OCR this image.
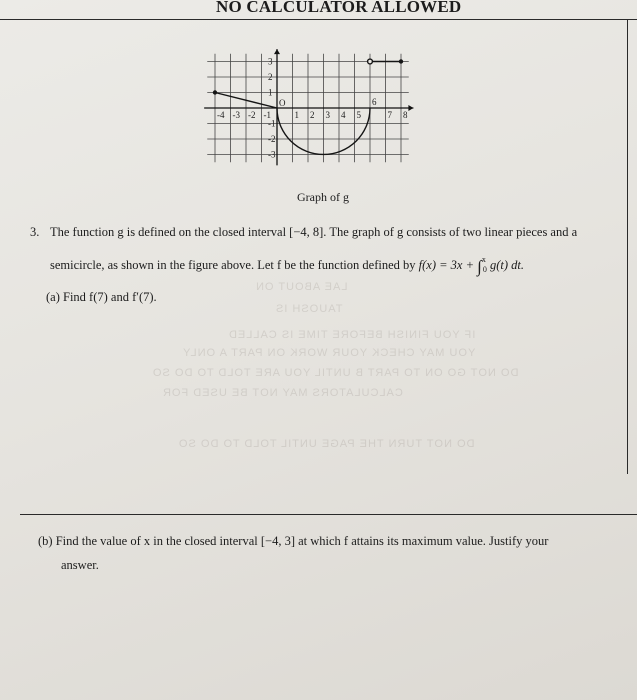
NO CALCULATOR ALLOWED
LAE ABOUT ON
TAUOSH IS
IF YOU FINISH BEFORE TIME IS CALLED
YOU MAY CHECK YOUR WORK ON PART A ONLY
DO NOT GO ON TO PART B UNTIL YOU ARE TOLD TO DO SO
CALCULATORS MAY NOT BE USED FOR
DO NOT TURN THE PAGE UNTIL TOLD TO DO SO
-4 -3 -2 -1
O
1 2 3 4 5
6
7 8
3
2
1
-1
-2
-3
Graph of g
3. The function g is defined on the closed interval [−4, 8]. The graph of g consists of two linear pieces and a
semicircle, as shown in the figure above. Let f be the function defined by f(x) = 3x + ∫$^x_0$ g(t) dt.
(a) Find f(7) and f′(7).
(b) Find the value of x in the closed interval [−4, 3] at which f attains its maximum value. Justify your
answer.
